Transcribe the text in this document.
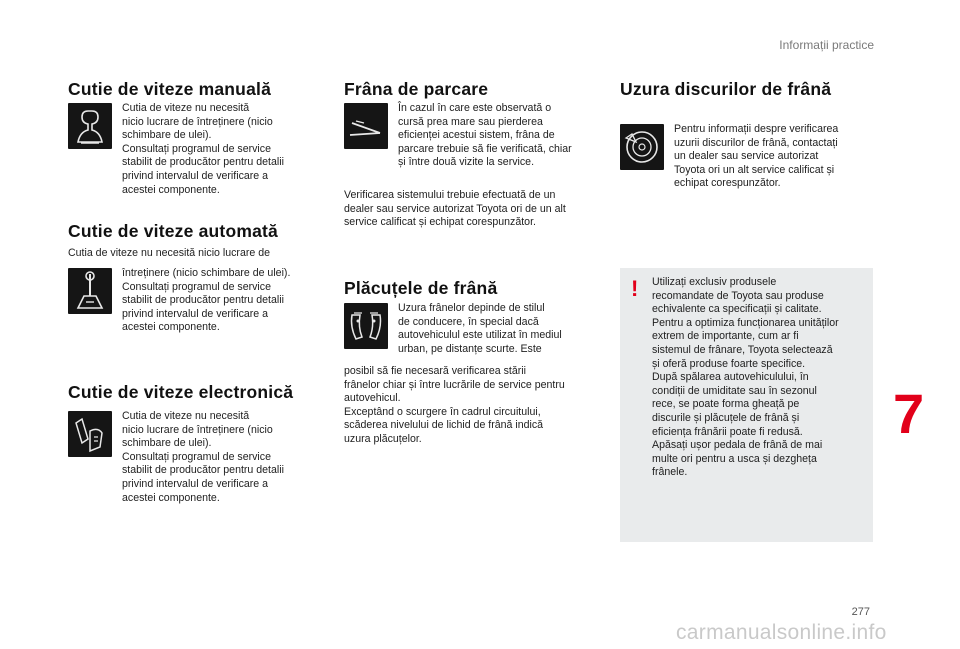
Informații practice
Cutie de viteze manuală
Cutia de viteze nu necesită
nicio lucrare de întreținere (nicio
schimbare de ulei).
Consultați programul de service
stabilit de producător pentru detalii
privind intervalul de verificare a
acestei componente.
Cutie de viteze automată
Cutia de viteze nu necesită nicio lucrare de
întreținere (nicio schimbare de ulei).
Consultați programul de service
stabilit de producător pentru detalii
privind intervalul de verificare a
acestei componente.
Cutie de viteze electronică
Cutia de viteze nu necesită
nicio lucrare de întreținere (nicio
schimbare de ulei).
Consultați programul de service
stabilit de producător pentru detalii
privind intervalul de verificare a
acestei componente.
Frâna de parcare
În cazul în care este observată o
cursă prea mare sau pierderea
eficienței acestui sistem, frâna de
parcare trebuie să fie verificată, chiar
și între două vizite la service.
Verificarea sistemului trebuie efectuată de un
dealer sau service autorizat Toyota ori de un alt
service calificat și echipat corespunzător.
Plăcuțele de frână
Uzura frânelor depinde de stilul
de conducere, în special dacă
autovehiculul este utilizat în mediul
urban, pe distanțe scurte. Este
posibil să fie necesară verificarea stării
frânelor chiar și între lucrările de service pentru
autovehicul.
Exceptând o scurgere în cadrul circuitului,
scăderea nivelului de lichid de frână indică
uzura plăcuțelor.
Uzura discurilor de frână
Pentru informații despre verificarea
uzurii discurilor de frână, contactați
un dealer sau service autorizat
Toyota ori un alt service calificat și
echipat corespunzător.
! Utilizați exclusiv produsele
recomandate de Toyota sau produse
echivalente ca specificații și calitate.
Pentru a optimiza funcționarea unităților
extrem de importante, cum ar fi
sistemul de frânare, Toyota selectează
și oferă produse foarte specifice.
După spălarea autovehiculului, în
condiții de umiditate sau în sezonul
rece, se poate forma gheață pe
discurile și plăcuțele de frână și
eficiența frânării poate fi redusă.
Apăsați ușor pedala de frână de mai
multe ori pentru a usca și dezgheța
frânele.
7
277
carmanualsonline.info
